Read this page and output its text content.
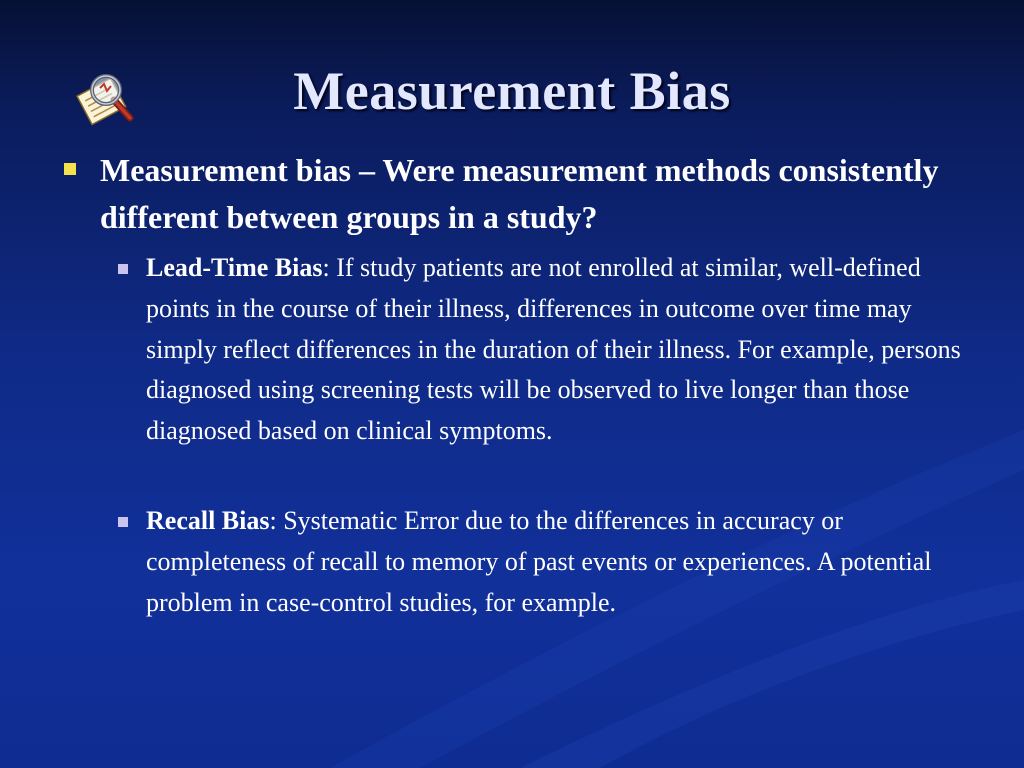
Measurement Bias
Measurement bias – Were measurement methods consistently different between groups in a study?
Lead-Time Bias: If study patients are not enrolled at similar, well-defined points in the course of their illness, differences in outcome over time may simply reflect differences in the duration of their illness. For example, persons diagnosed using screening tests will be observed to live longer than those diagnosed based on clinical symptoms.
Recall Bias: Systematic Error due to the differences in accuracy or completeness of recall to memory of past events or experiences. A potential problem in case-control studies, for example.
